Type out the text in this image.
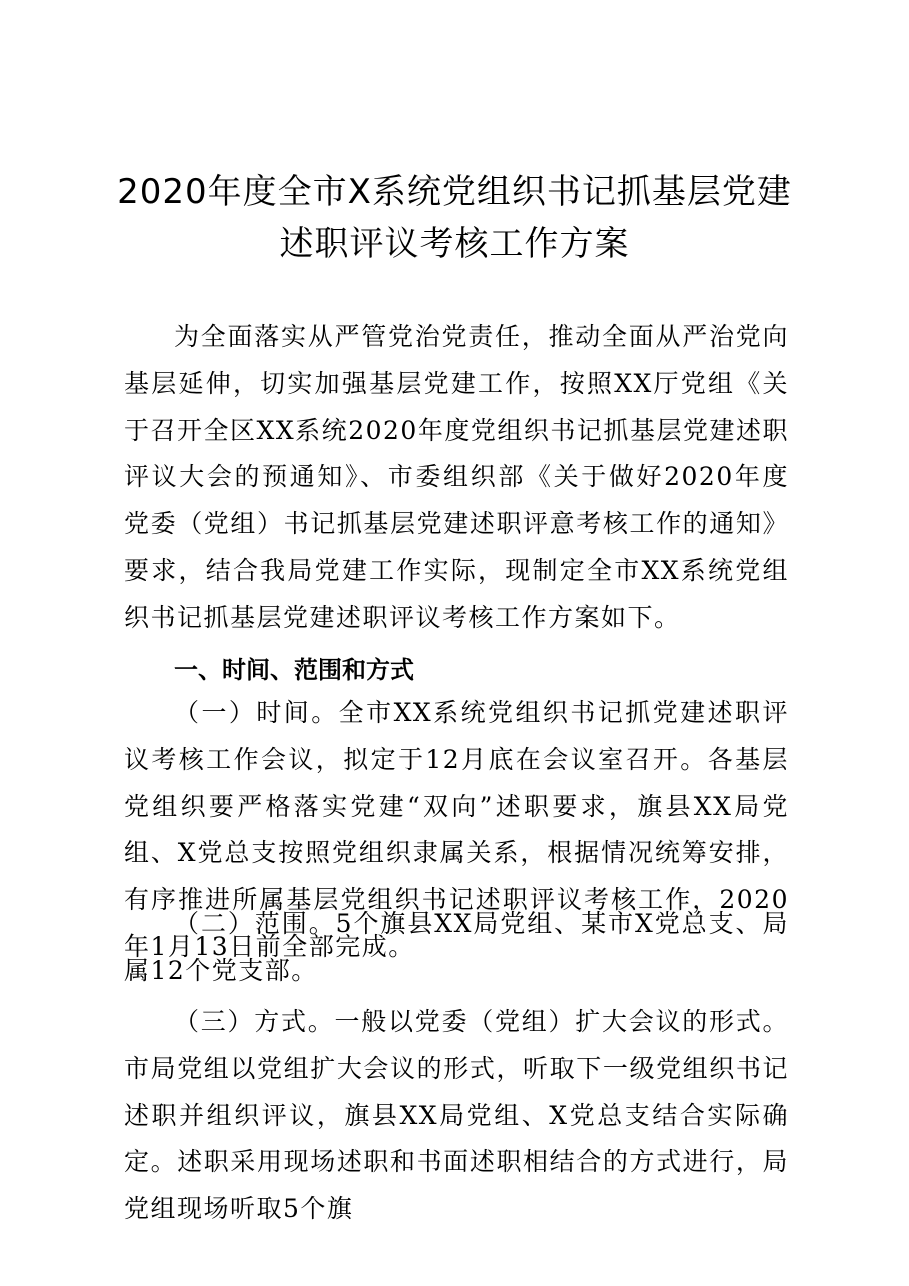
2020年度全市X系统党组织书记抓基层党建
述职评议考核工作方案

为全面落实从严管党治党责任，推动全面从严治党向基层延伸，切实加强基层党建工作，按照XX厅党组《关于召开全区XX系统2020年度党组织书记抓基层党建述职评议大会的预通知》、市委组织部《关于做好2020年度党委（党组）书记抓基层党建述职评意考核工作的通知》要求，结合我局党建工作实际，现制定全市XX系统党组织书记抓基层党建述职评议考核工作方案如下。

一、时间、范围和方式

（一）时间。全市XX系统党组织书记抓党建述职评议考核工作会议，拟定于12月底在会议室召开。各基层党组织要严格落实党建“双向”述职要求，旗县XX局党组、X党总支按照党组织隶属关系，根据情况统筹安排，有序推进所属基层党组织书记述职评议考核工作，2020年1月13日前全部完成。

（二）范围。5个旗县XX局党组、某市X党总支、局属12个党支部。

（三）方式。一般以党委（党组）扩大会议的形式。市局党组以党组扩大会议的形式，听取下一级党组织书记述职并组织评议，旗县XX局党组、X党总支结合实际确定。述职采用现场述职和书面述职相结合的方式进行，局党组现场听取5个旗
